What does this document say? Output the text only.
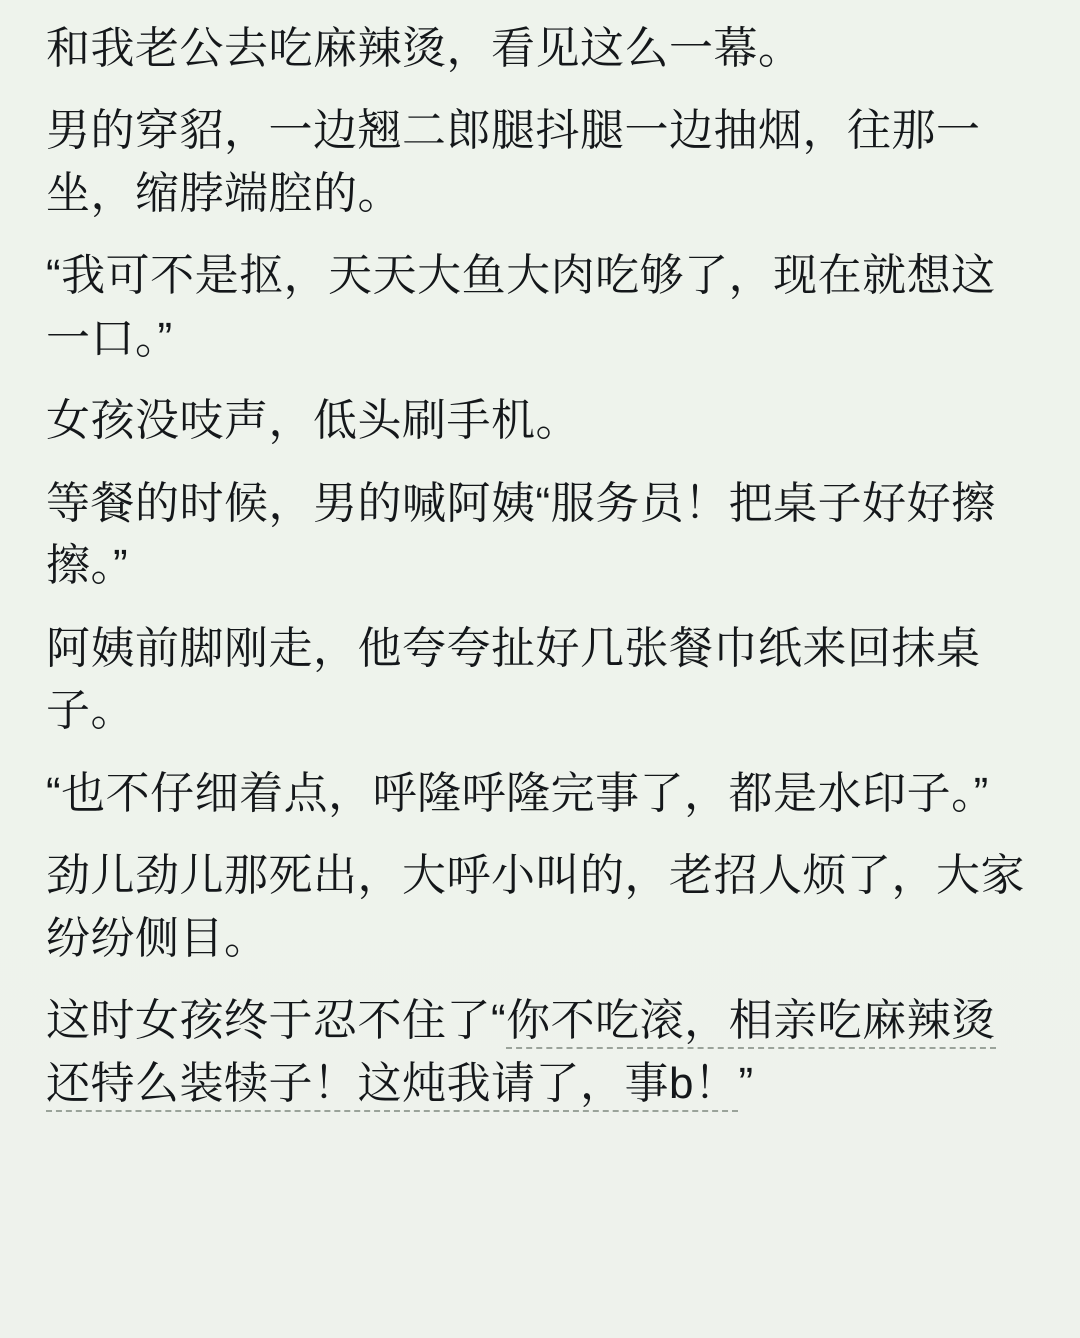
和我老公去吃麻辣烫，看见这么一幕。

男的穿貂，一边翘二郎腿抖腿一边抽烟，往那一坐，缩脖端腔的。

“我可不是抠，天天大鱼大肉吃够了，现在就想这一口。”

女孩没吱声，低头刷手机。

等餐的时候，男的喊阿姨“服务员！把桌子好好擦擦。”

阿姨前脚刚走，他夸夸扯好几张餐巾纸来回抹桌子。

“也不仔细着点，呼隆呼隆完事了，都是水印子。”

劲儿劲儿那死出，大呼小叫的，老招人烦了，大家纷纷侧目。

这时女孩终于忍不住了“你不吃滚，相亲吃麻辣烫还特么装犊子！这炖我请了，事b！”
